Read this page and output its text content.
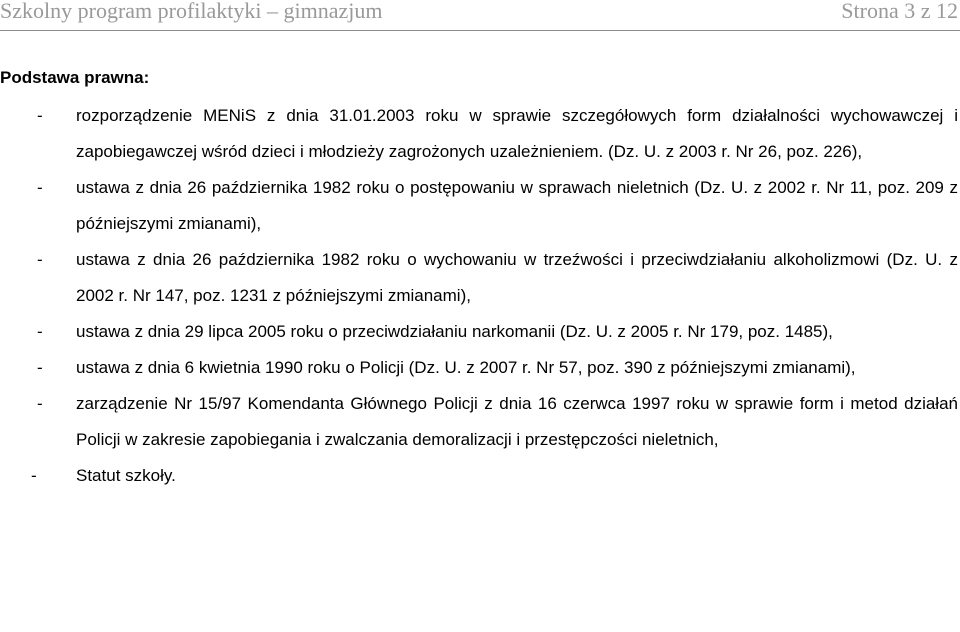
Szkolny program profilaktyki – gimnazjum	Strona 3 z 12

Podstawa prawna:

- rozporządzenie MENiS z dnia 31.01.2003 roku w sprawie szczegółowych form działalności wychowawczej i zapobiegawczej wśród dzieci i młodzieży zagrożonych uzależnieniem. (Dz. U. z 2003 r. Nr 26, poz. 226),
- ustawa z dnia 26 października 1982 roku o postępowaniu w sprawach nieletnich (Dz. U. z 2002 r. Nr 11, poz. 209 z późniejszymi zmianami),
- ustawa z dnia 26 października 1982 roku o wychowaniu w trzeźwości i przeciwdziałaniu alkoholizmowi (Dz. U. z 2002 r. Nr 147, poz. 1231 z późniejszymi zmianami),
- ustawa z dnia 29 lipca 2005 roku o przeciwdziałaniu narkomanii (Dz. U. z 2005 r. Nr 179, poz. 1485),
- ustawa z dnia 6 kwietnia 1990 roku o Policji (Dz. U. z 2007 r. Nr 57, poz. 390 z późniejszymi zmianami),
- zarządzenie Nr 15/97 Komendanta Głównego Policji z dnia 16 czerwca 1997 roku w sprawie form i metod działań Policji w zakresie zapobiegania i zwalczania demoralizacji i przestępczości nieletnich,
- Statut szkoły.
